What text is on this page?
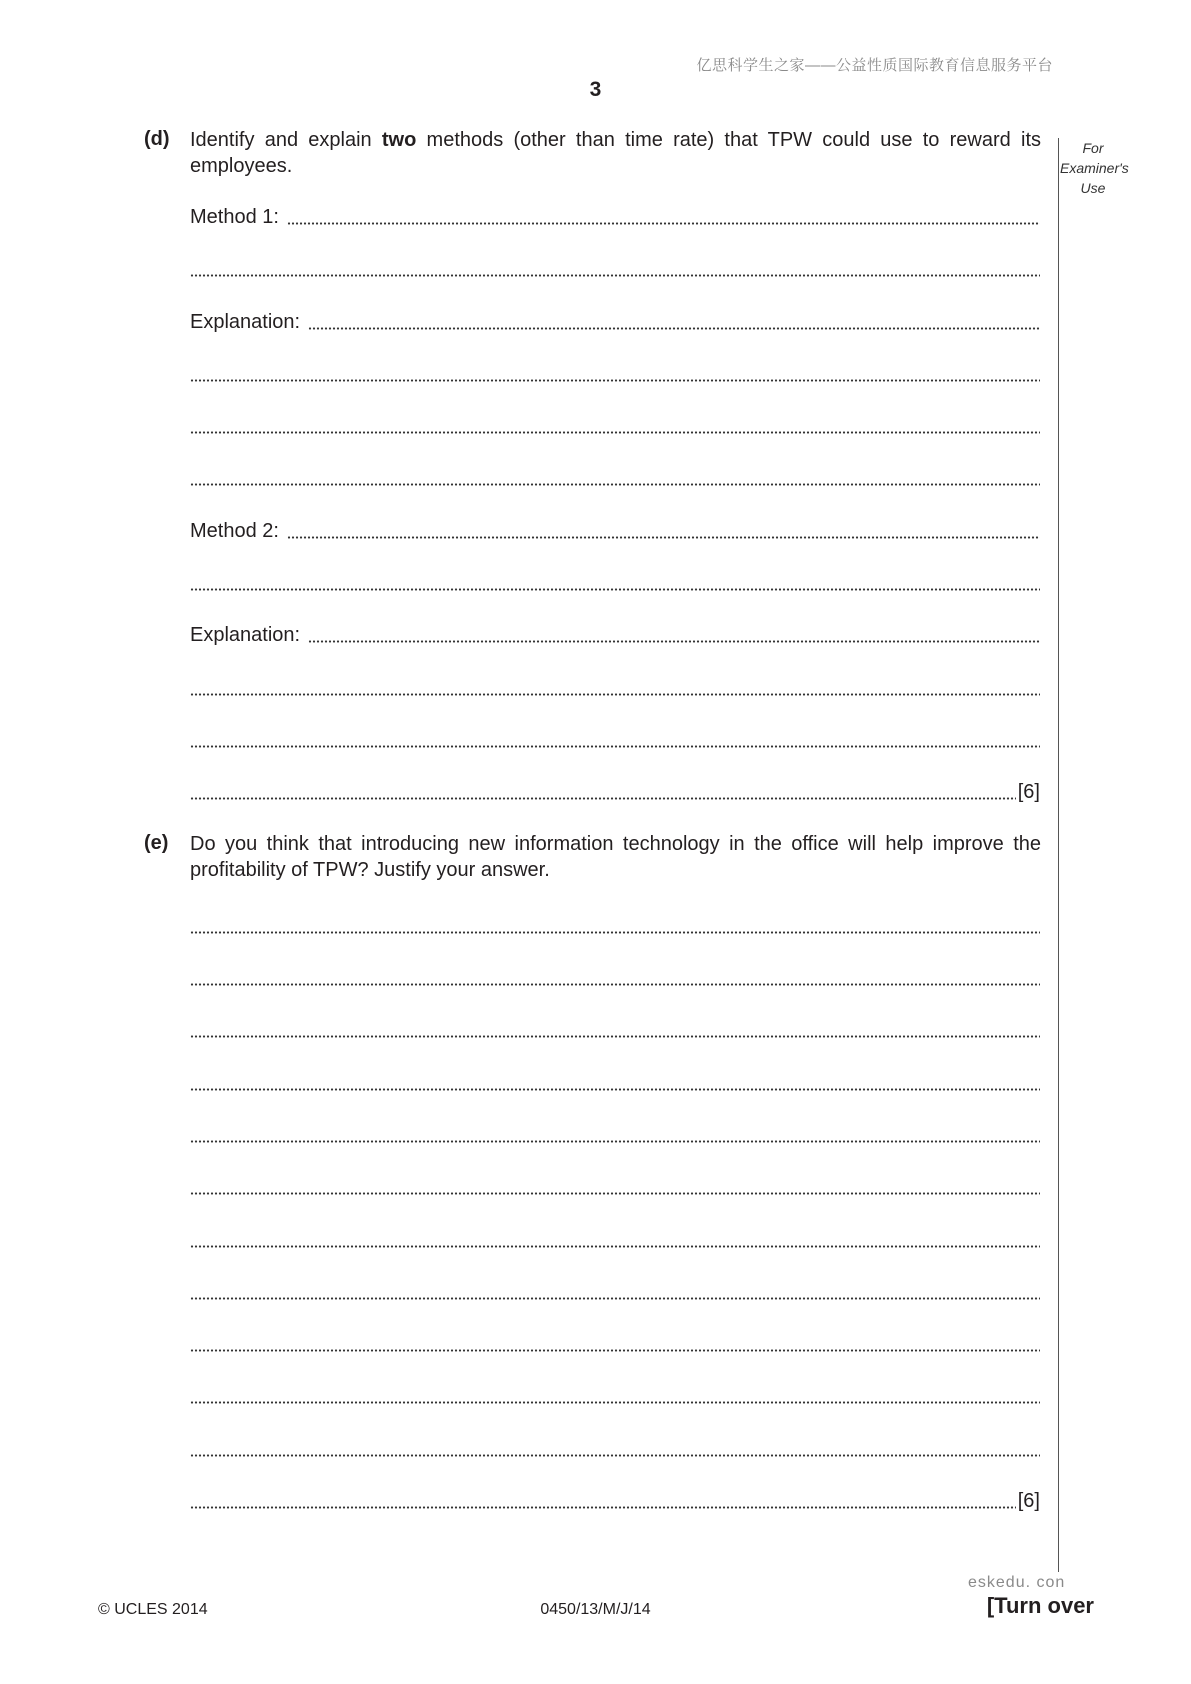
亿思科学生之家——公益性质国际教育信息服务平台
3
For
Examiner's
Use
(d) Identify and explain two methods (other than time rate) that TPW could use to reward its employees.
Method 1:
Explanation:
Method 2:
Explanation:
[6]
(e) Do you think that introducing new information technology in the office will help improve the profitability of TPW? Justify your answer.
[6]
eskedu. con
© UCLES 2014	0450/13/M/J/14	[Turn over
